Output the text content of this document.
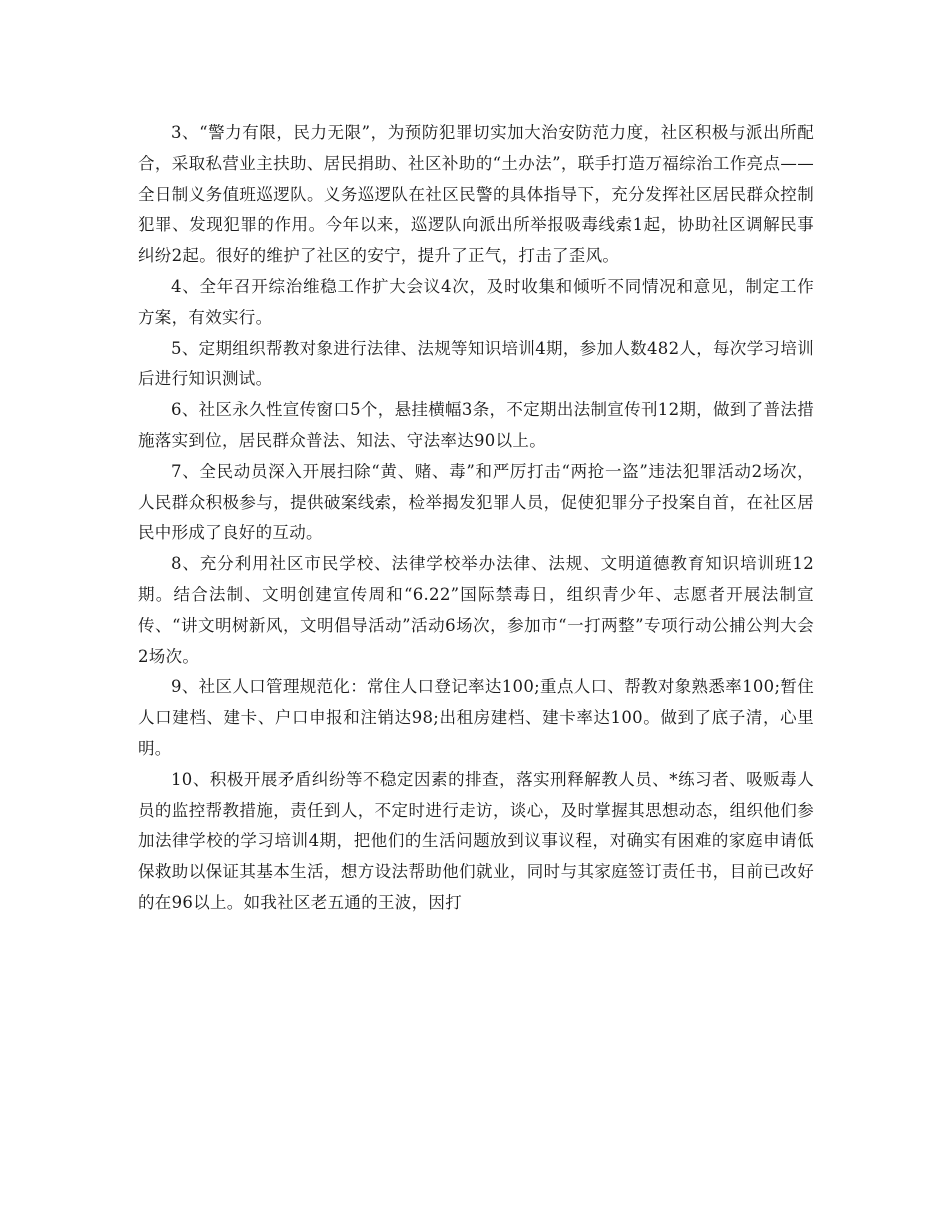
3、“警力有限，民力无限”，为预防犯罪切实加大治安防范力度，社区积极与派出所配合，采取私营业主扶助、居民捐助、社区补助的“土办法”，联手打造万福综治工作亮点——全日制义务值班巡逻队。义务巡逻队在社区民警的具体指导下，充分发挥社区居民群众控制犯罪、发现犯罪的作用。今年以来，巡逻队向派出所举报吸毒线索1起，协助社区调解民事纠纷2起。很好的维护了社区的安宁，提升了正气，打击了歪风。

4、全年召开综治维稳工作扩大会议4次，及时收集和倾听不同情况和意见，制定工作方案，有效实行。

5、定期组织帮教对象进行法律、法规等知识培训4期，参加人数482人，每次学习培训后进行知识测试。

6、社区永久性宣传窗口5个，悬挂横幅3条，不定期出法制宣传刊12期，做到了普法措施落实到位，居民群众普法、知法、守法率达90以上。

7、全民动员深入开展扫除“黄、赌、毒”和严厉打击“两抢一盗”违法犯罪活动2场次，人民群众积极参与，提供破案线索，检举揭发犯罪人员，促使犯罪分子投案自首，在社区居民中形成了良好的互动。

8、充分利用社区市民学校、法律学校举办法律、法规、文明道德教育知识培训班12期。结合法制、文明创建宣传周和“6.22”国际禁毒日，组织青少年、志愿者开展法制宣传、“讲文明树新风，文明倡导活动”活动6场次，参加市“一打两整”专项行动公捕公判大会2场次。

9、社区人口管理规范化：常住人口登记率达100;重点人口、帮教对象熟悉率100;暂住人口建档、建卡、户口申报和注销达98;出租房建档、建卡率达100。做到了底子清，心里明。

10、积极开展矛盾纠纷等不稳定因素的排查，落实刑释解教人员、*练习者、吸贩毒人员的监控帮教措施，责任到人，不定时进行走访，谈心，及时掌握其思想动态，组织他们参加法律学校的学习培训4期，把他们的生活问题放到议事议程，对确实有困难的家庭申请低保救助以保证其基本生活，想方设法帮助他们就业，同时与其家庭签订责任书，目前已改好的在96以上。如我社区老五通的王波，因打
